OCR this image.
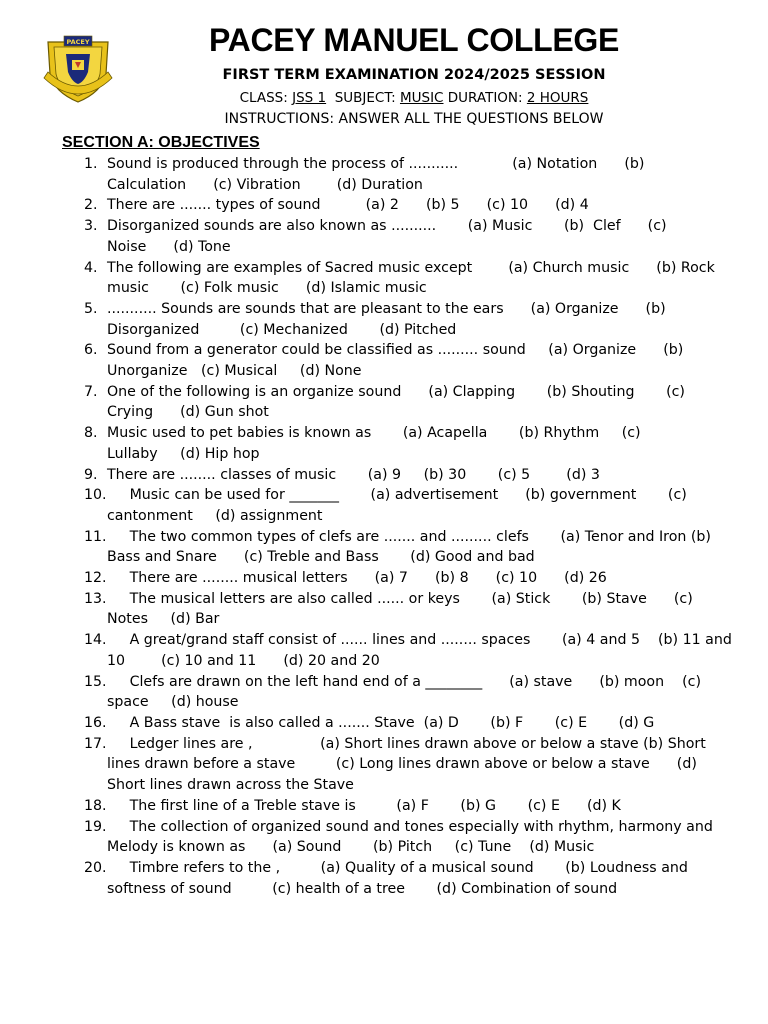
PACEY	PACEY MANUEL COLLEGE
FIRST TERM EXAMINATION 2024/2025 SESSION
CLASS: JSS 1 SUBJECT: MUSIC DURATION: 2 HOURS
INSTRUCTIONS: ANSWER ALL THE QUESTIONS BELOW
SECTION A: OBJECTIVES
1. Sound is produced through the process of ...........            (a) Notation      (b) Calculation      (c) Vibration        (d) Duration
2. There are ....... types of sound          (a) 2      (b) 5      (c) 10      (d) 4
3. Disorganized sounds are also known as ..........       (a) Music       (b)  Clef      (c) Noise      (d) Tone
4. The following are examples of Sacred music except        (a) Church music      (b) Rock music       (c) Folk music      (d) Islamic music
5. ........... Sounds are sounds that are pleasant to the ears      (a) Organize      (b) Disorganized         (c) Mechanized       (d) Pitched
6. Sound from a generator could be classified as ......... sound     (a) Organize      (b) Unorganize   (c) Musical     (d) None
7. One of the following is an organize sound      (a) Clapping       (b) Shouting       (c) Crying      (d) Gun shot
8. Music used to pet babies is known as       (a) Acapella       (b) Rhythm     (c) Lullaby     (d) Hip hop
9. There are ........ classes of music       (a) 9     (b) 30       (c) 5        (d) 3
10. Music can be used for _______       (a) advertisement      (b) government       (c) cantonment     (d) assignment
11. The two common types of clefs are ....... and ......... clefs       (a) Tenor and Iron (b) Bass and Snare      (c) Treble and Bass       (d) Good and bad
12. There are ........ musical letters      (a) 7      (b) 8      (c) 10      (d) 26
13. The musical letters are also called ...... or keys       (a) Stick       (b) Stave      (c) Notes     (d) Bar
14. A great/grand staff consist of ...... lines and ........ spaces       (a) 4 and 5    (b) 11 and 10        (c) 10 and 11      (d) 20 and 20
15. Clefs are drawn on the left hand end of a ________      (a) stave      (b) moon    (c) space     (d) house
16. A Bass stave  is also called a ....... Stave  (a) D       (b) F       (c) E       (d) G
17. Ledger lines are ,               (a) Short lines drawn above or below a stave (b) Short lines drawn before a stave         (c) Long lines drawn above or below a stave      (d) Short lines drawn across the Stave
18. The first line of a Treble stave is         (a) F       (b) G       (c) E      (d) K
19. The collection of organized sound and tones especially with rhythm, harmony and Melody is known as      (a) Sound       (b) Pitch     (c) Tune    (d) Music
20. Timbre refers to the ,         (a) Quality of a musical sound       (b) Loudness and softness of sound         (c) health of a tree       (d) Combination of sound
